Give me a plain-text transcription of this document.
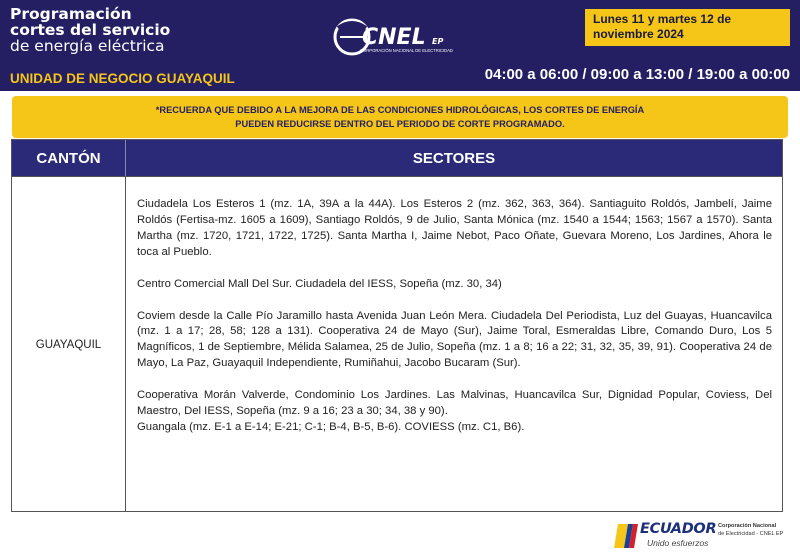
Programación
cortes del servicio
de energía eléctrica
UNIDAD DE NEGOCIO GUAYAQUIL
CNEL EP
CORPORACIÓN NACIONAL DE ELECTRICIDAD
Lunes 11 y martes 12 de noviembre 2024
04:00 a 06:00 / 09:00 a 13:00 / 19:00 a 00:00
*RECUERDA QUE DEBIDO A LA MEJORA DE LAS CONDICIONES HIDROLÓGICAS, LOS CORTES DE ENERGÍA
PUEDEN REDUCIRSE DENTRO DEL PERIODO DE CORTE PROGRAMADO.
CANTÓN	SECTORES
GUAYAQUIL

Ciudadela Los Esteros 1 (mz. 1A, 39A a la 44A). Los Esteros 2 (mz. 362, 363, 364). Santiaguito Roldós, Jambelí, Jaime Roldós (Fertisa-mz. 1605 a 1609), Santiago Roldós, 9 de Julio, Santa Mónica (mz. 1540 a 1544; 1563; 1567 a 1570). Santa Martha (mz. 1720, 1721, 1722, 1725). Santa Martha I, Jaime Nebot, Paco Oñate, Guevara Moreno, Los Jardines, Ahora le toca al Pueblo.

Centro Comercial Mall Del Sur. Ciudadela del IESS, Sopeña (mz. 30, 34)

Coviem desde la Calle Pío Jaramillo hasta Avenida Juan León Mera. Ciudadela Del Periodista, Luz del Guayas, Huancavilca (mz. 1 a 17; 28, 58; 128 a 131). Cooperativa 24 de Mayo (Sur), Jaime Toral, Esmeraldas Libre, Comando Duro, Los 5 Magníficos, 1 de Septiembre, Mélida Salamea, 25 de Julio, Sopeña (mz. 1 a 8; 16 a 22; 31, 32, 35, 39, 91). Cooperativa 24 de Mayo, La Paz, Guayaquil Independiente, Rumiñahui, Jacobo Bucaram (Sur).

Cooperativa Morán Valverde, Condominio Los Jardines. Las Malvinas, Huancavilca Sur, Dignidad Popular, Coviess, Del Maestro, Del IESS, Sopeña (mz. 9 a 16; 23 a 30; 34, 38 y 90).

Guangala (mz. E-1 a E-14; E-21; C-1; B-4, B-5, B-6). COVIESS (mz. C1, B6).

ECUADOR
Unido esfuerzos
Corporación Nacional
de Electricidad - CNEL EP
